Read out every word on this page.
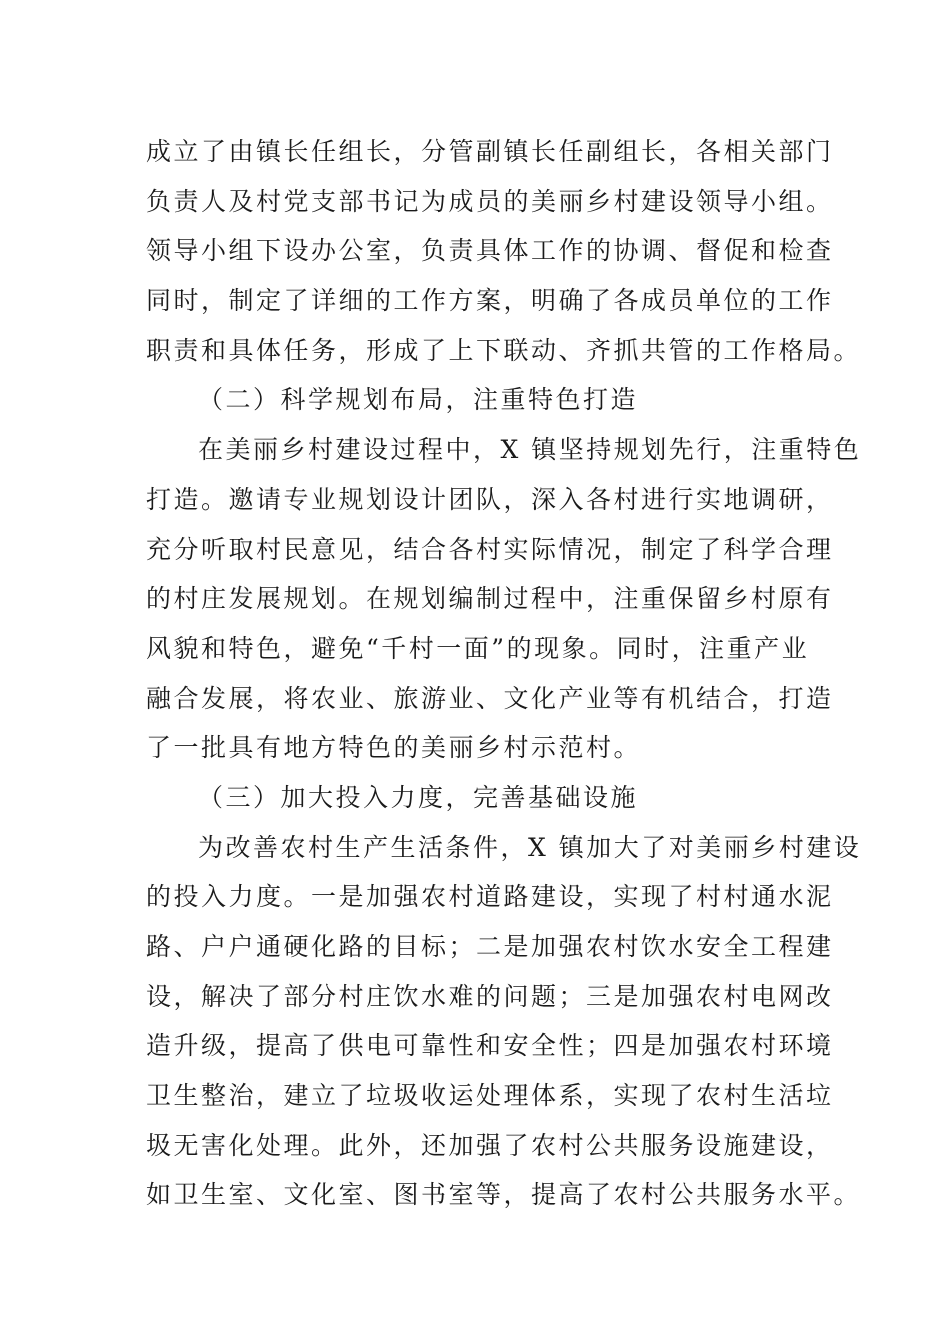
成立了由镇长任组长，分管副镇长任副组长，各相关部门
负责人及村党支部书记为成员的美丽乡村建设领导小组。
领导小组下设办公室，负责具体工作的协调、督促和检查
同时，制定了详细的工作方案，明确了各成员单位的工作
职责和具体任务，形成了上下联动、齐抓共管的工作格局。
（二）科学规划布局，注重特色打造
在美丽乡村建设过程中，X 镇坚持规划先行，注重特色
打造。邀请专业规划设计团队，深入各村进行实地调研，
充分听取村民意见，结合各村实际情况，制定了科学合理
的村庄发展规划。在规划编制过程中，注重保留乡村原有
风貌和特色，避免“千村一面”的现象。同时，注重产业
融合发展，将农业、旅游业、文化产业等有机结合，打造
了一批具有地方特色的美丽乡村示范村。
（三）加大投入力度，完善基础设施
为改善农村生产生活条件，X 镇加大了对美丽乡村建设
的投入力度。一是加强农村道路建设，实现了村村通水泥
路、户户通硬化路的目标；二是加强农村饮水安全工程建
设，解决了部分村庄饮水难的问题；三是加强农村电网改
造升级，提高了供电可靠性和安全性；四是加强农村环境
卫生整治，建立了垃圾收运处理体系，实现了农村生活垃
圾无害化处理。此外，还加强了农村公共服务设施建设，
如卫生室、文化室、图书室等，提高了农村公共服务水平。
